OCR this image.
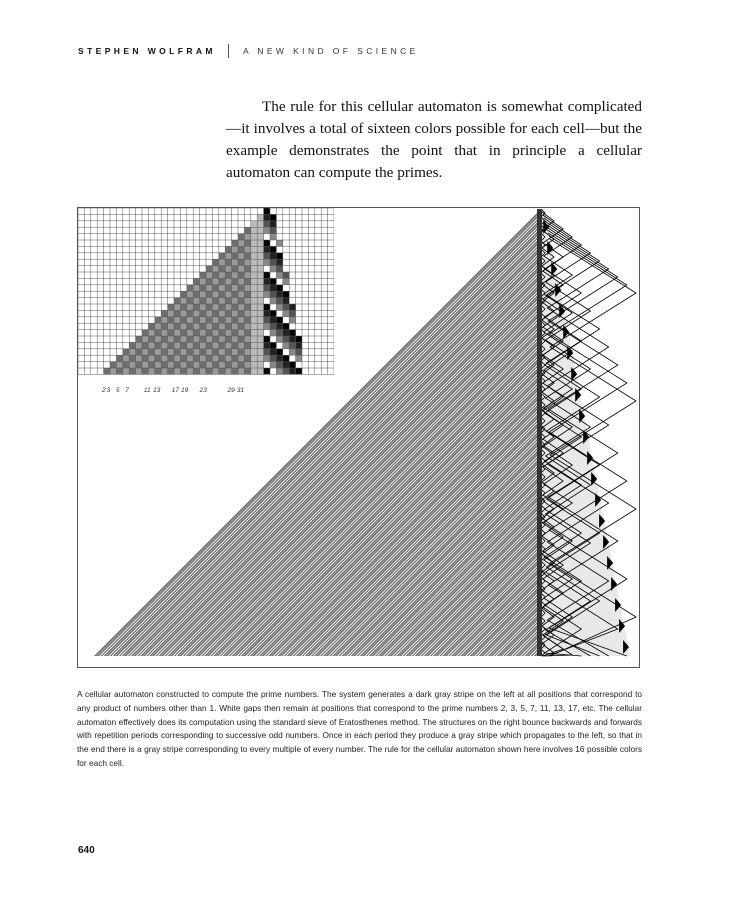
STEPHEN WOLFRAM	A NEW KIND OF SCIENCE

The rule for this cellular automaton is somewhat complicated—it involves a total of sixteen colors possible for each cell—but the example demonstrates the point that in principle a cellular automaton can compute the primes.

2 3 5 7 11 13 17 19 23	29 31

A cellular automaton constructed to compute the prime numbers. The system generates a dark gray stripe on the left at all positions that correspond to any product of numbers other than 1. White gaps then remain at positions that correspond to the prime numbers 2, 3, 5, 7, 11, 13, 17, etc. The cellular automaton effectively does its computation using the standard sieve of Eratosthenes method. The structures on the right bounce backwards and forwards with repetition periods corresponding to successive odd numbers. Once in each period they produce a gray stripe which propagates to the left, so that in the end there is a gray stripe corresponding to every multiple of every number. The rule for the cellular automaton shown here involves 16 possible colors for each cell.

640
